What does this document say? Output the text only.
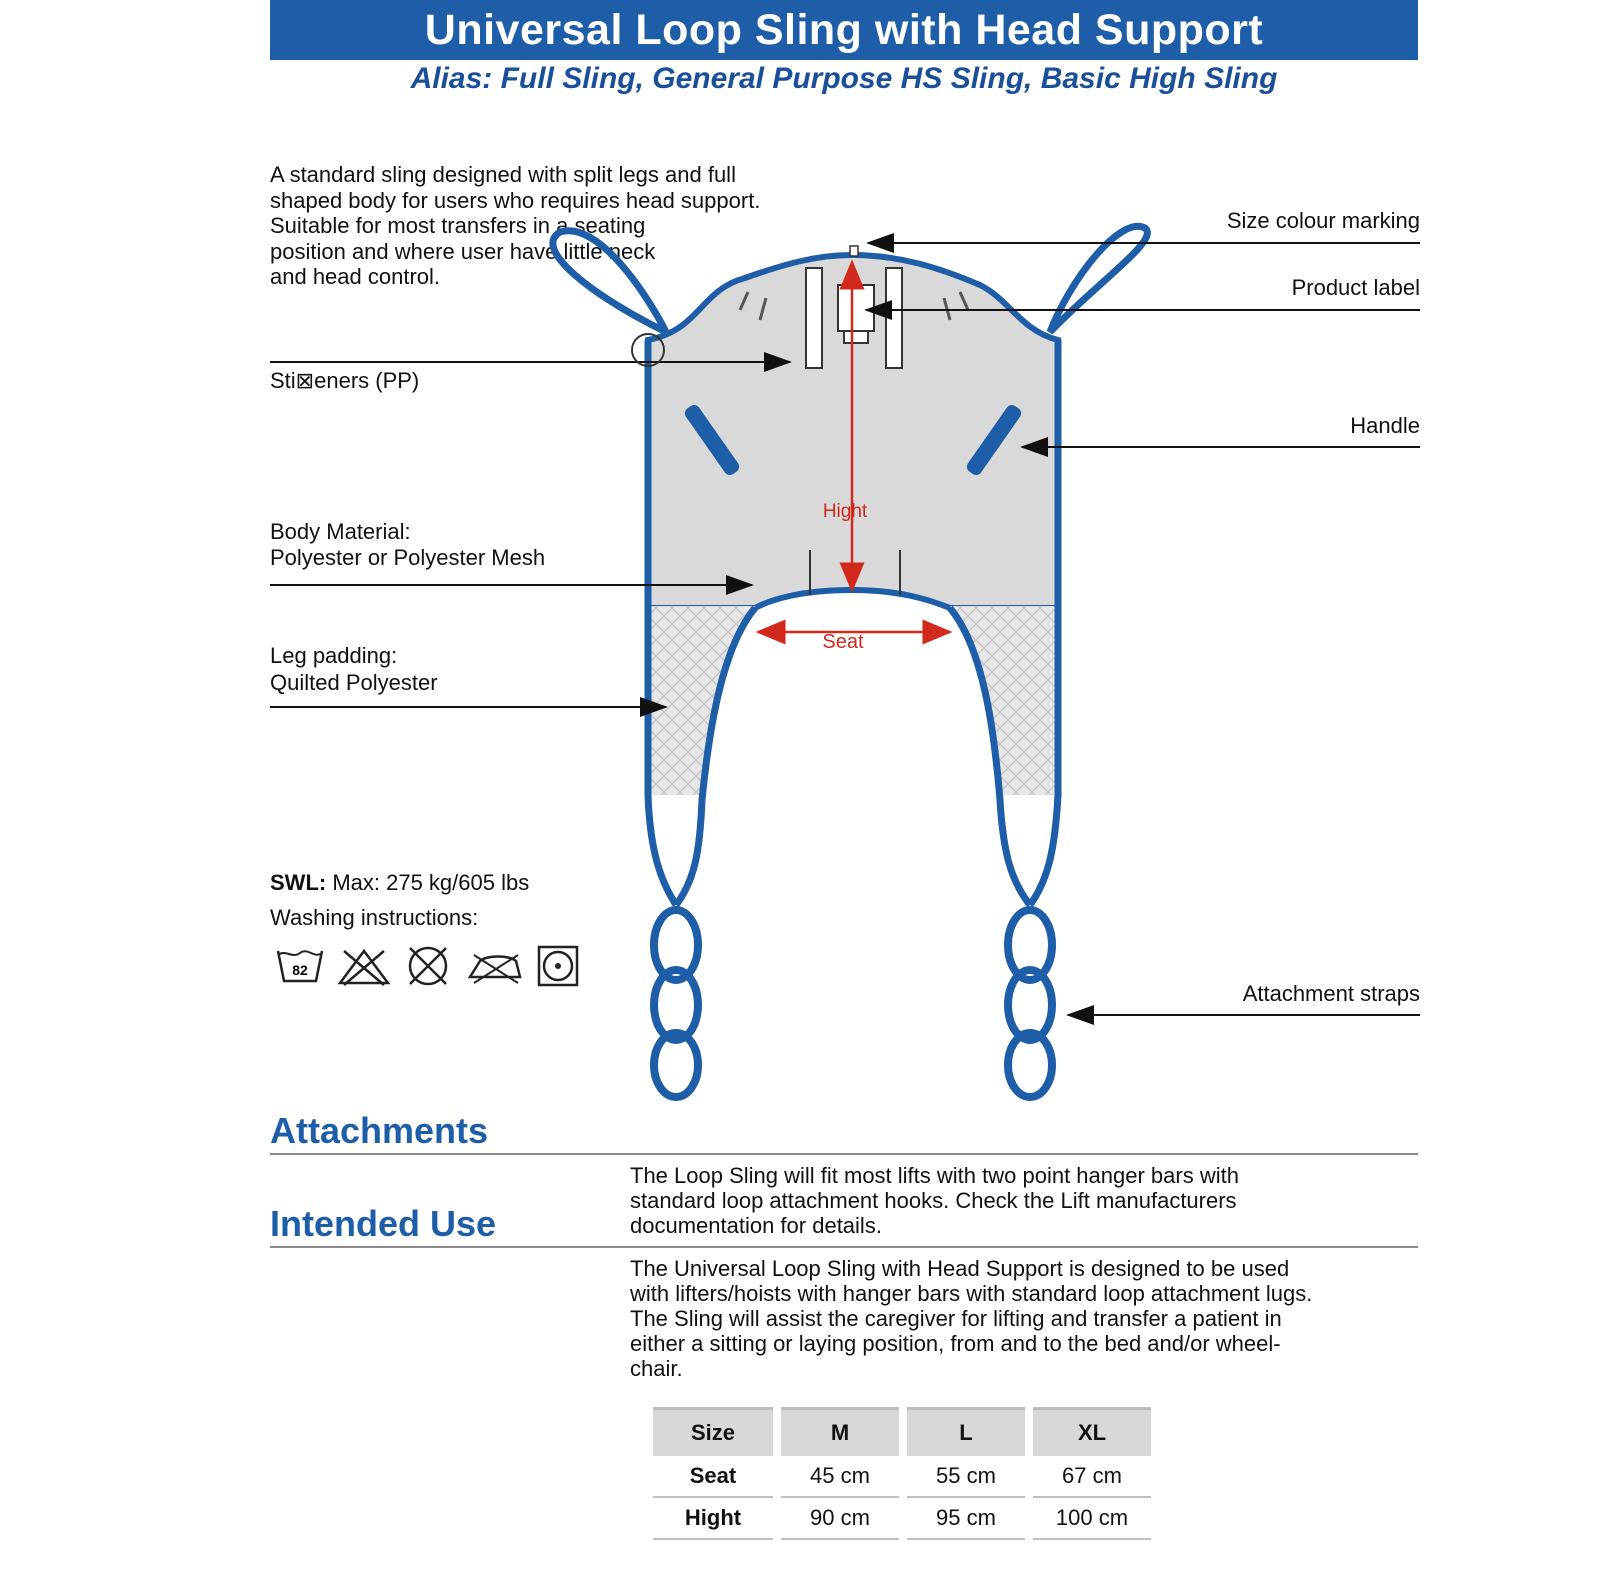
Universal Loop Sling with Head Support
Alias: Full Sling, General Purpose HS Sling, Basic High Sling
A standard sling designed with split legs and full
shaped body for users who requires head support.
Suitable for most transfers in a seating
position and where user have little neck
and head control.
Hight
Seat
Size colour marking
Product label
Sti⊠eners (PP)
Handle
Body Material:
Polyester or Polyester Mesh
Leg padding:
Quilted Polyester
Attachment straps
SWL: Max: 275 kg/605 lbs
Washing instructions:
82
Attachments
The Loop Sling will fit most lifts with two point hanger bars with
standard loop attachment hooks. Check the Lift manufacturers
documentation for details.
Intended Use
The Universal Loop Sling with Head Support is designed to be used
with lifters/hoists with hanger bars with standard loop attachment lugs.
The Sling will assist the caregiver for lifting and transfer a patient in
either a sitting or laying position, from and to the bed and/or wheel-
chair.
Size	M	L	XL
Seat	45 cm	55 cm	67 cm
Hight	90 cm	95 cm	100 cm
